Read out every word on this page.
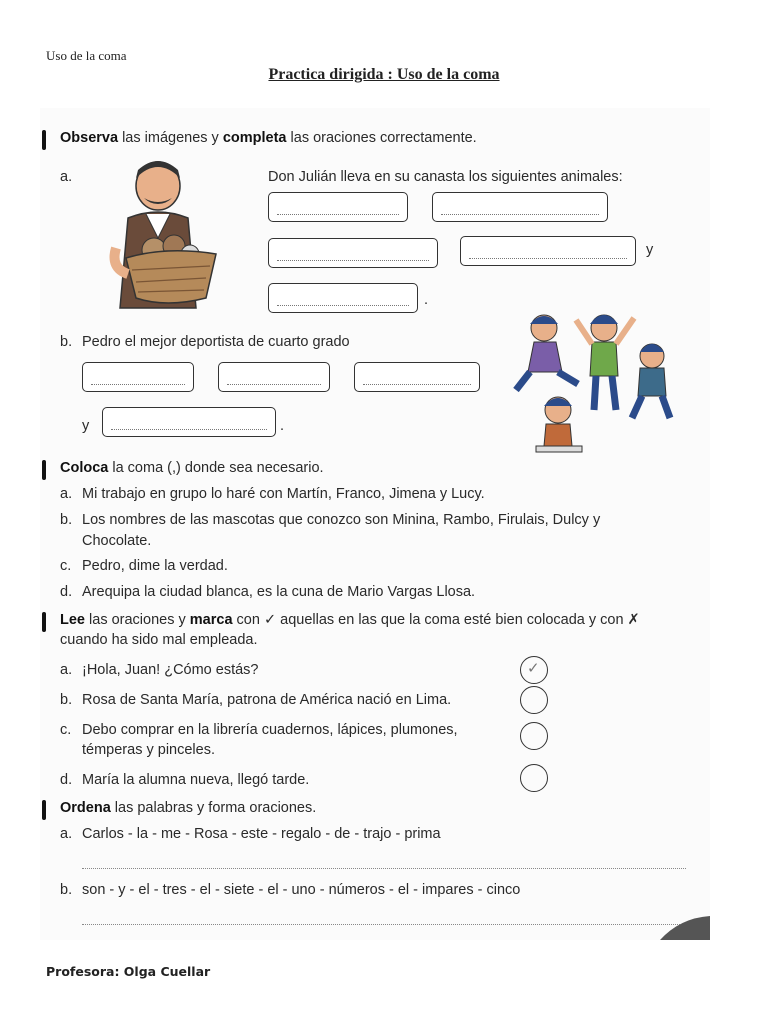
Uso de la coma
Practica dirigida : Uso de la coma
Observa las imágenes y completa las oraciones correctamente.
a.	Don Julián lleva en su canasta los siguientes animales:
y
.
b. Pedro el mejor deportista de cuarto grado
y	.
Coloca la coma (,) donde sea necesario.
a. Mi trabajo en grupo lo haré con Martín, Franco, Jimena y Lucy.
b. Los nombres de las mascotas que conozco son Minina, Rambo, Firulais, Dulcy y
Chocolate.
c. Pedro, dime la verdad.
d. Arequipa la ciudad blanca, es la cuna de Mario Vargas Llosa.
Lee las oraciones y marca con ✓ aquellas en las que la coma esté bien colocada y con ✗
cuando ha sido mal empleada.
a. ¡Hola, Juan! ¿Cómo estás?	✓
b. Rosa de Santa María, patrona de América nació en Lima.
c. Debo comprar en la librería cuadernos, lápices, plumones,
témperas y pinceles.
d. María la alumna nueva, llegó tarde.
Ordena las palabras y forma oraciones.
a. Carlos - la - me - Rosa - este - regalo - de - trajo - prima
b. son - y - el - tres - el - siete - el - uno - números - el - impares - cinco
Profesora: Olga Cuellar
